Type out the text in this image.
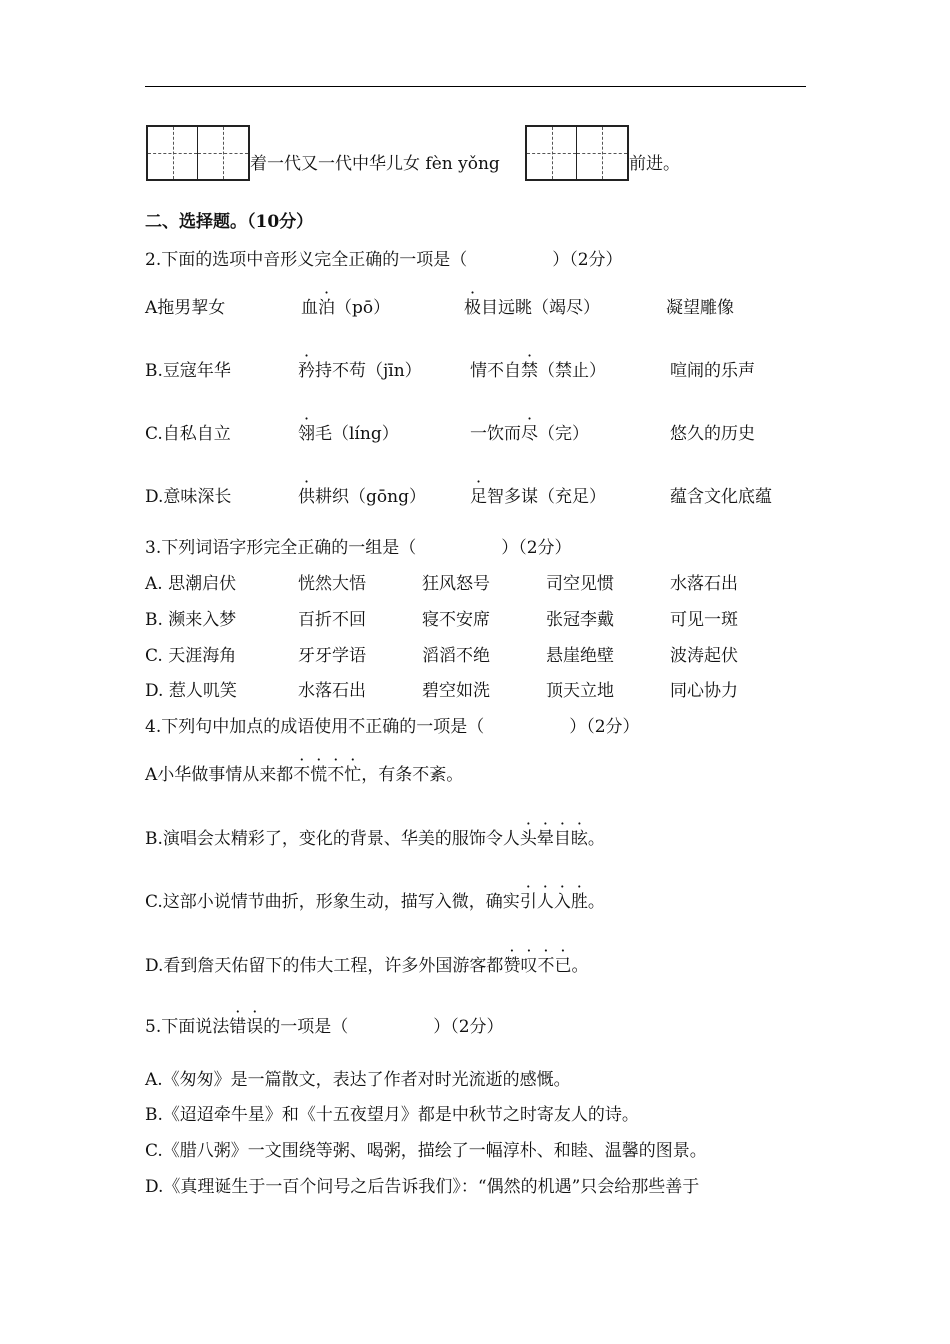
着一代又一代中华儿女 fèn yǒng	前进。
二、选择题。（10分）
2.下面的选项中音形义完全正确的一项是（　　　　　）（2分）
A拖男挈女	血泊（pō）	极目远眺（竭尽）	凝望雕像
B.豆寇年华	矜持不苟（jīn）	情不自禁（禁止）	喧闹的乐声
C.自私自立	翎毛（líng）	一饮而尽（完）	悠久的历史
D.意味深长	供耕织（gōng）	足智多谋（充足）	蕴含文化底蕴
3.下列词语字形完全正确的一组是（　　　　　）（2分）
A. 思潮启伏	恍然大悟	狂风怒号	司空见惯	水落石出
B. 濒来入梦	百折不回	寝不安席	张冠李戴	可见一斑
C. 天涯海角	牙牙学语	滔滔不绝	悬崖绝壁	波涛起伏
D. 惹人叽笑	水落石出	碧空如洗	顶天立地	同心协力
4.下列句中加点的成语使用不正确的一项是（　　　　　）（2分）
A小华做事情从来都不慌不忙，有条不紊。
B.演唱会太精彩了，变化的背景、华美的服饰令人头晕目眩。
C.这部小说情节曲折，形象生动，描写入微，确实引人入胜。
D.看到詹天佑留下的伟大工程，许多外国游客都赞叹不已。
5.下面说法错误的一项是（　　　　　）（2分）
A.《匆匆》是一篇散文，表达了作者对时光流逝的感慨。
B.《迢迢牵牛星》和《十五夜望月》都是中秋节之时寄友人的诗。
C.《腊八粥》一文围绕等粥、喝粥，描绘了一幅淳朴、和睦、温馨的图景。
D.《真理诞生于一百个问号之后告诉我们》：“偶然的机遇”只会给那些善于
